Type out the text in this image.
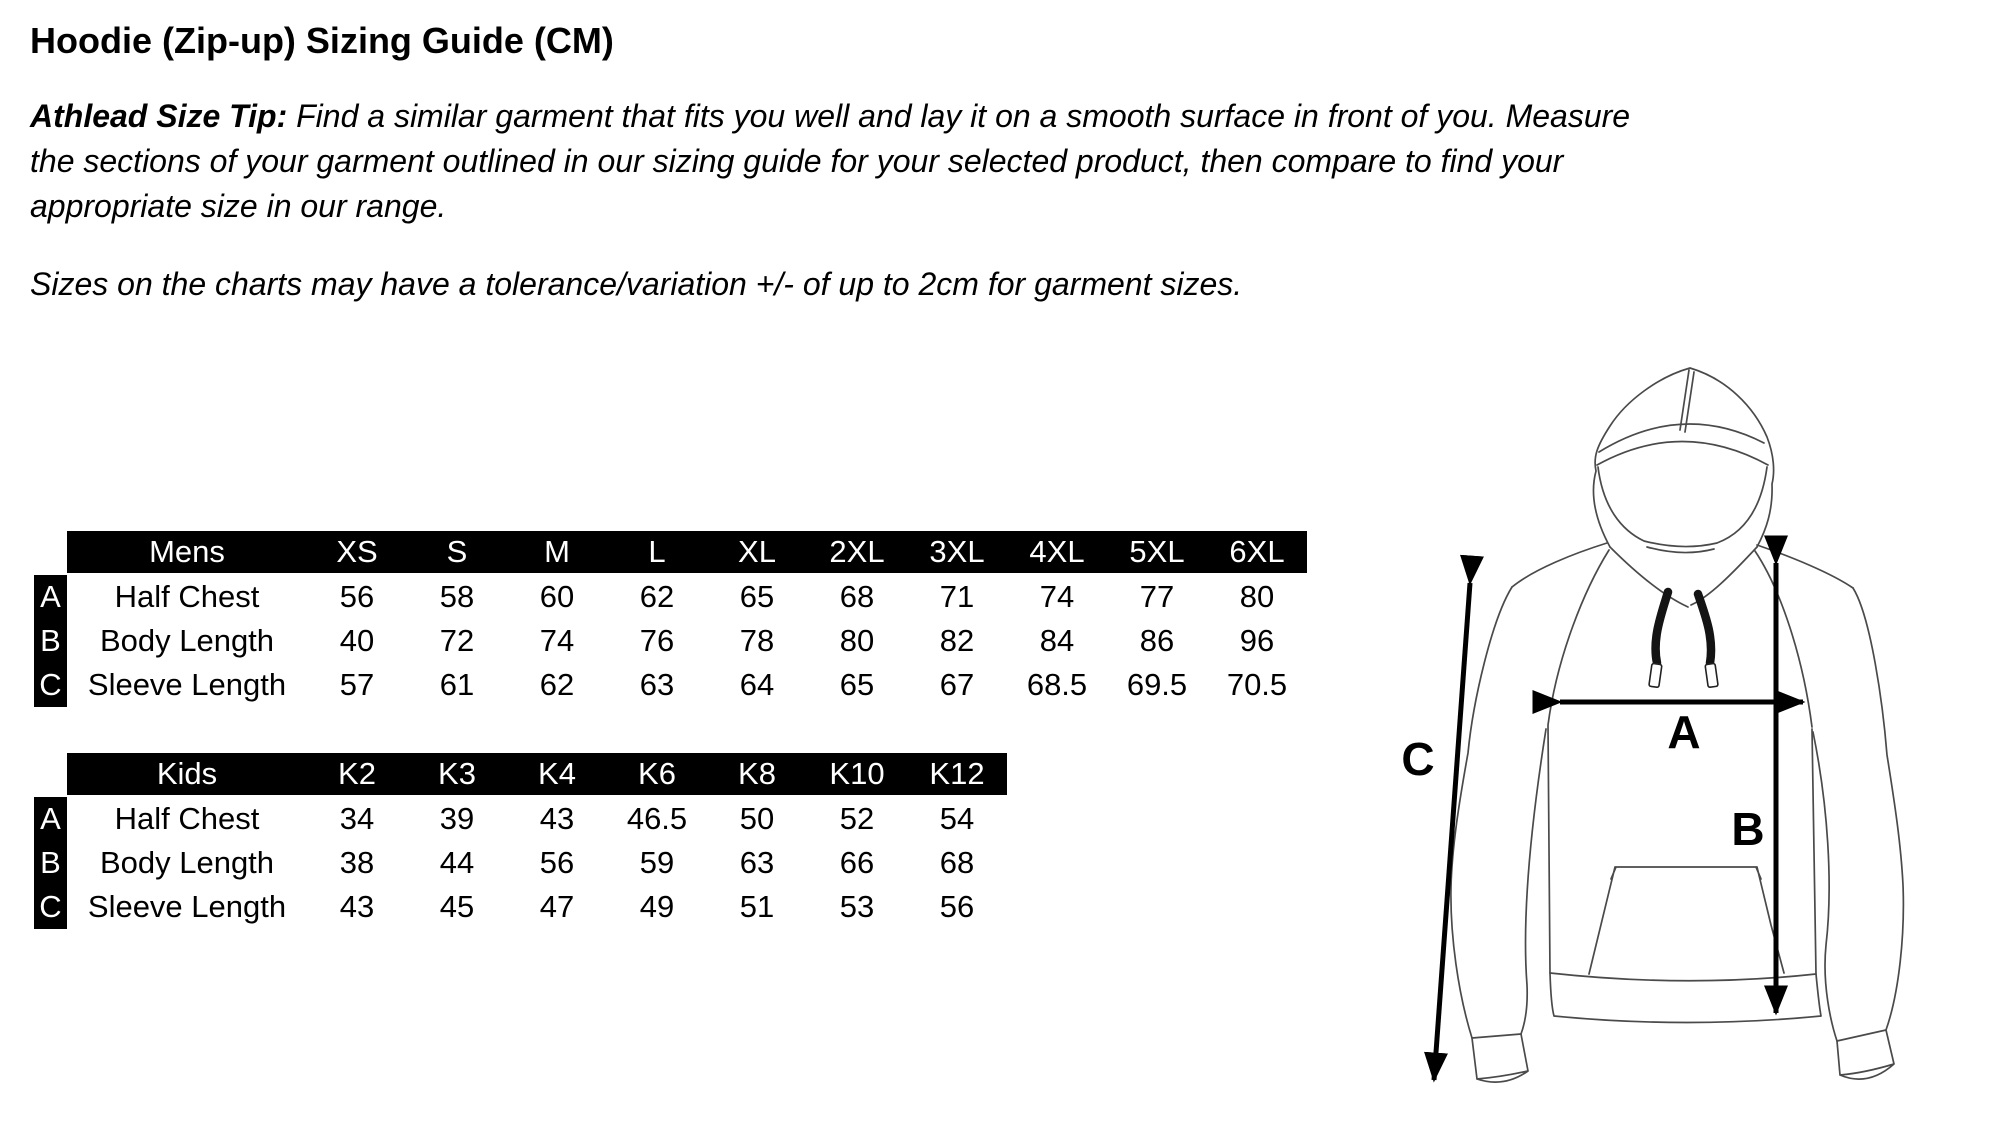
Hoodie (Zip-up) Sizing Guide (CM)
Athlead Size Tip: Find a similar garment that fits you well and lay it on a smooth surface in front of you. Measure
the sections of your garment outlined in our sizing guide for your selected product, then compare to find your
appropriate size in our range.
Sizes on the charts may have a tolerance/variation +/- of up to 2cm for garment sizes.
A
B
C
Mens	XS	S	M	L	XL	2XL	3XL	4XL	5XL	6XL
Half Chest	56	58	60	62	65	68	71	74	77	80
Body Length	40	72	74	76	78	80	82	84	86	96
Sleeve Length	57	61	62	63	64	65	67	68.5	69.5	70.5
A
B
C
Kids	K2	K3	K4	K6	K8	K10	K12
Half Chest	34	39	43	46.5	50	52	54
Body Length	38	44	56	59	63	66	68
Sleeve Length	43	45	47	49	51	53	56
A
B
C
